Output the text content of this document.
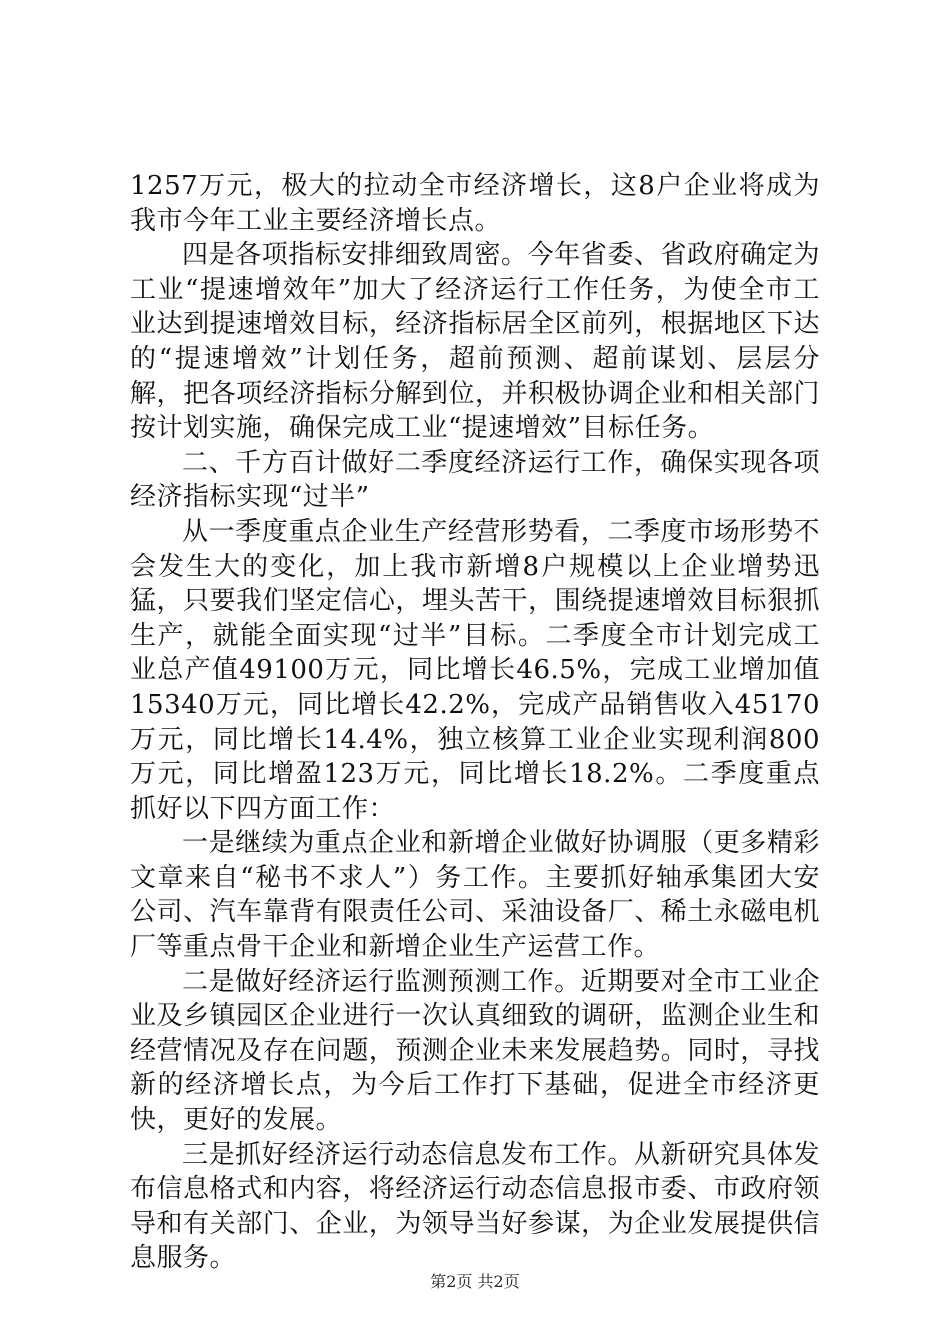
1257万元，极大的拉动全市经济增长，这8户企业将成为我市今年工业主要经济增长点。

四是各项指标安排细致周密。今年省委、省政府确定为工业“提速增效年”加大了经济运行工作任务，为使全市工业达到提速增效目标，经济指标居全区前列，根据地区下达的“提速增效”计划任务，超前预测、超前谋划、层层分解，把各项经济指标分解到位，并积极协调企业和相关部门按计划实施，确保完成工业“提速增效”目标任务。

二、千方百计做好二季度经济运行工作，确保实现各项经济指标实现“过半”

从一季度重点企业生产经营形势看，二季度市场形势不会发生大的变化，加上我市新增8户规模以上企业增势迅猛，只要我们坚定信心，埋头苦干，围绕提速增效目标狠抓生产，就能全面实现“过半”目标。二季度全市计划完成工业总产值49100万元，同比增长46.5%，完成工业增加值15340万元，同比增长42.2%，完成产品销售收入45170万元，同比增长14.4%，独立核算工业企业实现利润800万元，同比增盈123万元，同比增长18.2%。二季度重点抓好以下四方面工作：

一是继续为重点企业和新增企业做好协调服（更多精彩文章来自“秘书不求人”）务工作。主要抓好轴承集团大安公司、汽车靠背有限责任公司、采油设备厂、稀土永磁电机厂等重点骨干企业和新增企业生产运营工作。

二是做好经济运行监测预测工作。近期要对全市工业企业及乡镇园区企业进行一次认真细致的调研，监测企业生和经营情况及存在问题，预测企业未来发展趋势。同时，寻找新的经济增长点，为今后工作打下基础，促进全市经济更快，更好的发展。

三是抓好经济运行动态信息发布工作。从新研究具体发布信息格式和内容，将经济运行动态信息报市委、市政府领导和有关部门、企业，为领导当好参谋，为企业发展提供信息服务。

第2页 共2页
